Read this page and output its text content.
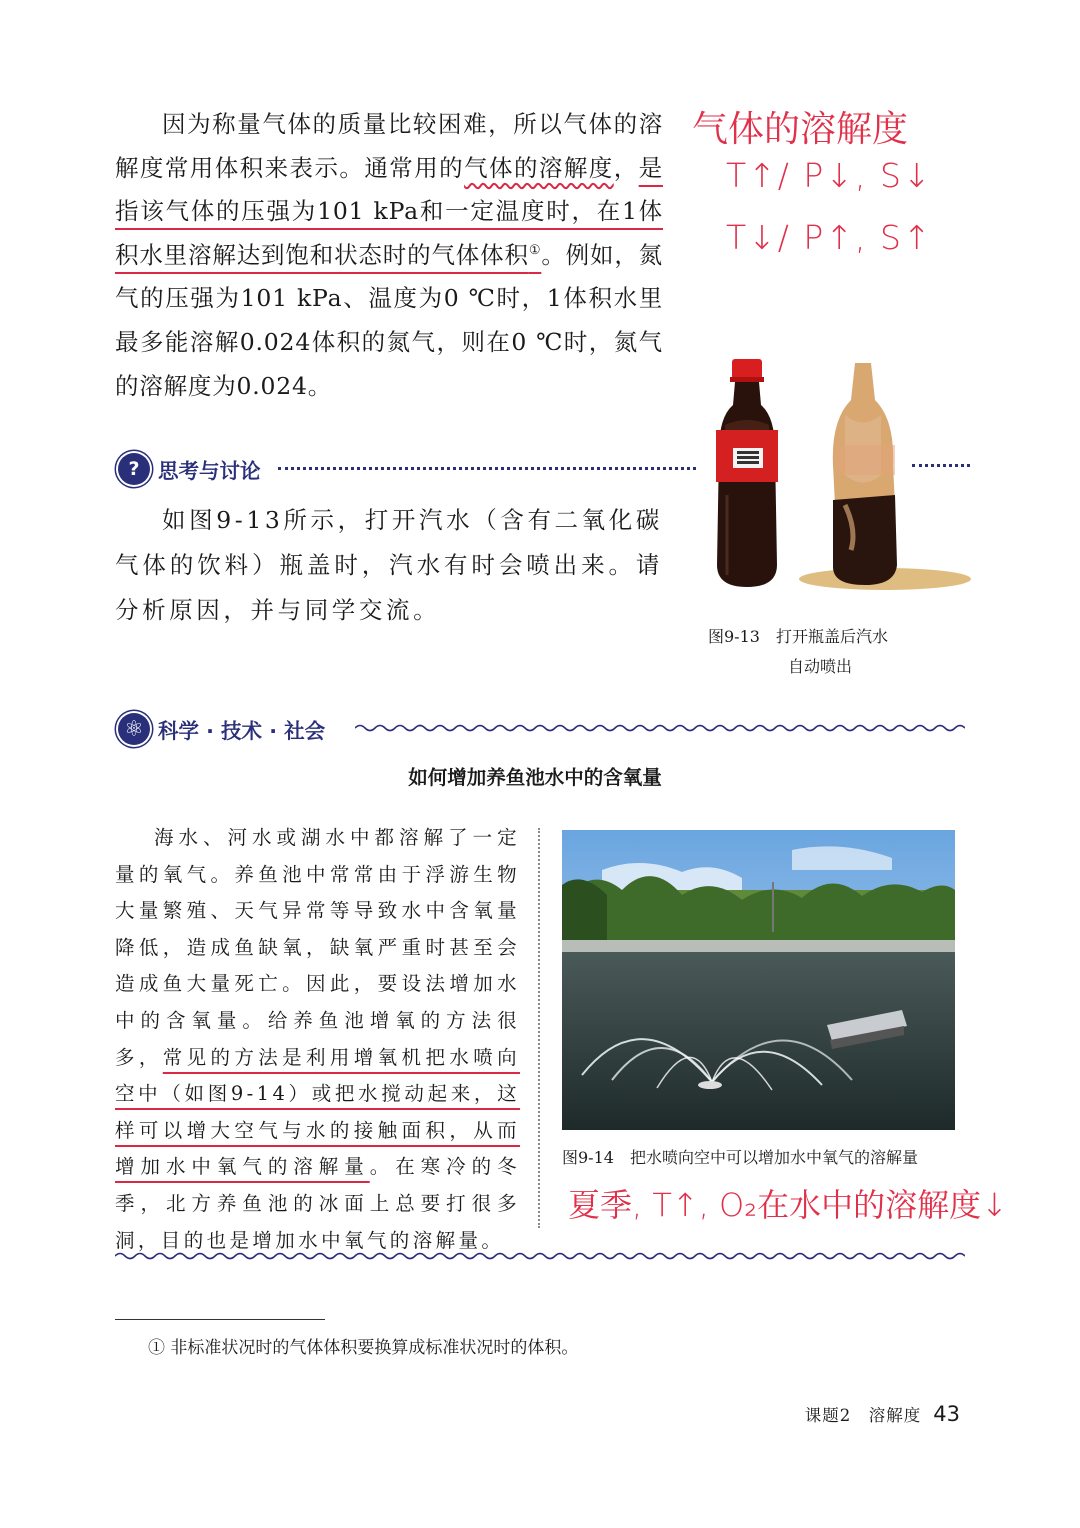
因为称量气体的质量比较困难，所以气体的溶解度常用体积来表示。通常用的气体的溶解度，是指该气体的压强为101 kPa和一定温度时，在1体积水里溶解达到饱和状态时的气体体积①。例如，氮气的压强为101 kPa、温度为0 ℃时，1体积水里最多能溶解0.024体积的氮气，则在0 ℃时，氮气的溶解度为0.024。

气体的溶解度
T↑/ P↓, S↓
T↓/ P↑, S↑
? 思考与讨论

如图9-13所示，打开汽水（含有二氧化碳气体的饮料）瓶盖时，汽水有时会喷出来。请分析原因，并与同学交流。

图9-13　打开瓶盖后汽水
自动喷出
⚛ 科学 · 技术 · 社会
如何增加养鱼池水中的含氧量

海水、河水或湖水中都溶解了一定量的氧气。养鱼池中常常由于浮游生物大量繁殖、天气异常等导致水中含氧量降低，造成鱼缺氧，缺氧严重时甚至会造成鱼大量死亡。因此，要设法增加水中的含氧量。给养鱼池增氧的方法很多，常见的方法是利用增氧机把水喷向空中（如图9-14）或把水搅动起来，这样可以增大空气与水的接触面积，从而增加水中氧气的溶解量。在寒冷的冬季，北方养鱼池的冰面上总要打很多洞，目的也是增加水中氧气的溶解量。

图9-14　把水喷向空中可以增加水中氧气的溶解量
夏季, T↑, O₂在水中的溶解度↓
① 非标准状况时的气体体积要换算成标准状况时的体积。
课题2　溶解度 43
